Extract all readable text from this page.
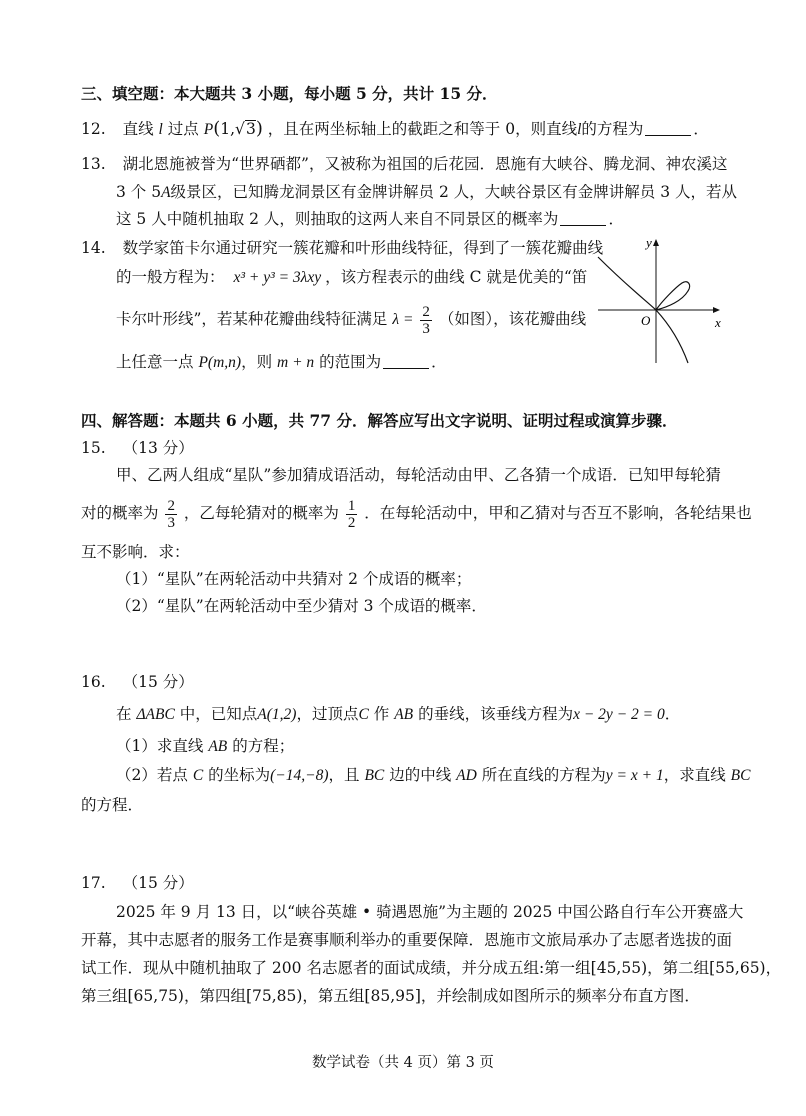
三、填空题：本大题共 3 小题，每小题 5 分，共计 15 分．
12. 直线 l 过点 P(1,√3) ，且在两坐标轴上的截距之和等于 0，则直线l的方程为	．
13. 湖北恩施被誉为“世界硒都”，又被称为祖国的后花园．恩施有大峡谷、腾龙洞、神农溪这
3 个 5A级景区，已知腾龙洞景区有金牌讲解员 2 人，大峡谷景区有金牌讲解员 3 人，若从
这 5 人中随机抽取 2 人，则抽取的这两人来自不同景区的概率为	．
14. 数学家笛卡尔通过研究一簇花瓣和叶形曲线特征，得到了一簇花瓣曲线
的一般方程为： x³ + y³ = 3λxy ，该方程表示的曲线 C 就是优美的“笛
卡尔叶形线”，若某种花瓣曲线特征满足 $\lambda = \frac{2}{3}$ （如图），该花瓣曲线
上任意一点 P(m,n)，则 m + n 的范围为	．
y
x
O
四、解答题：本题共 6 小题，共 77 分．解答应写出文字说明、证明过程或演算步骤．
15. （13 分）
甲、乙两人组成“星队”参加猜成语活动，每轮活动由甲、乙各猜一个成语．已知甲每轮猜
对的概率为 $\frac{2}{3}$ ，乙每轮猜对的概率为 $\frac{1}{2}$ ．在每轮活动中，甲和乙猜对与否互不影响，各轮结果也
互不影响．求：
（1）“星队”在两轮活动中共猜对 2 个成语的概率；
（2）“星队”在两轮活动中至少猜对 3 个成语的概率．
16. （15 分）
在 ΔABC 中，已知点A(1,2)，过顶点C 作 AB 的垂线，该垂线方程为x − 2y − 2 = 0．
（1）求直线 AB 的方程；
（2）若点 C 的坐标为(−14,−8)，且 BC 边的中线 AD 所在直线的方程为y = x + 1，求直线 BC
的方程．
17. （15 分）
2025 年 9 月 13 日，以“峡谷英雄 • 骑遇恩施”为主题的 2025 中国公路自行车公开赛盛大
开幕，其中志愿者的服务工作是赛事顺利举办的重要保障．恩施市文旅局承办了志愿者选拔的面
试工作．现从中随机抽取了 200 名志愿者的面试成绩，并分成五组:第一组[45,55)，第二组[55,65)，
第三组[65,75)，第四组[75,85)，第五组[85,95]，并绘制成如图所示的频率分布直方图．
数学试卷（共 4 页）第 3 页
